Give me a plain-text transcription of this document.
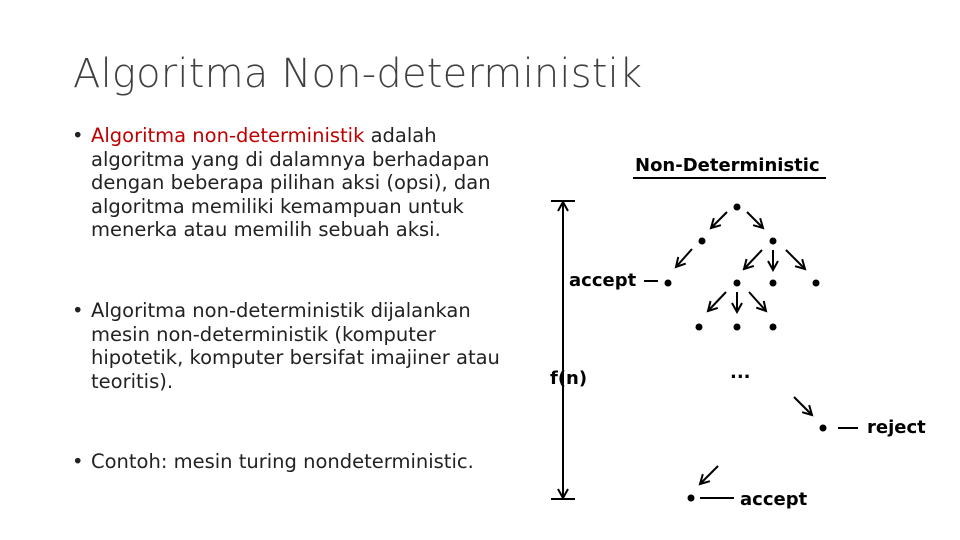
Algoritma Non-deterministik
• Algoritma non-deterministik adalah algoritma yang di dalamnya berhadapan dengan beberapa pilihan aksi (opsi), dan algoritma memiliki kemampuan untuk menerka atau memilih sebuah aksi.
• Algoritma non-deterministik dijalankan mesin non-deterministik (komputer hipotetik, komputer bersifat imajiner atau teoritis).
• Contoh: mesin turing nondeterministic.
Non-Deterministic
accept
f(n)	...
reject
accept
